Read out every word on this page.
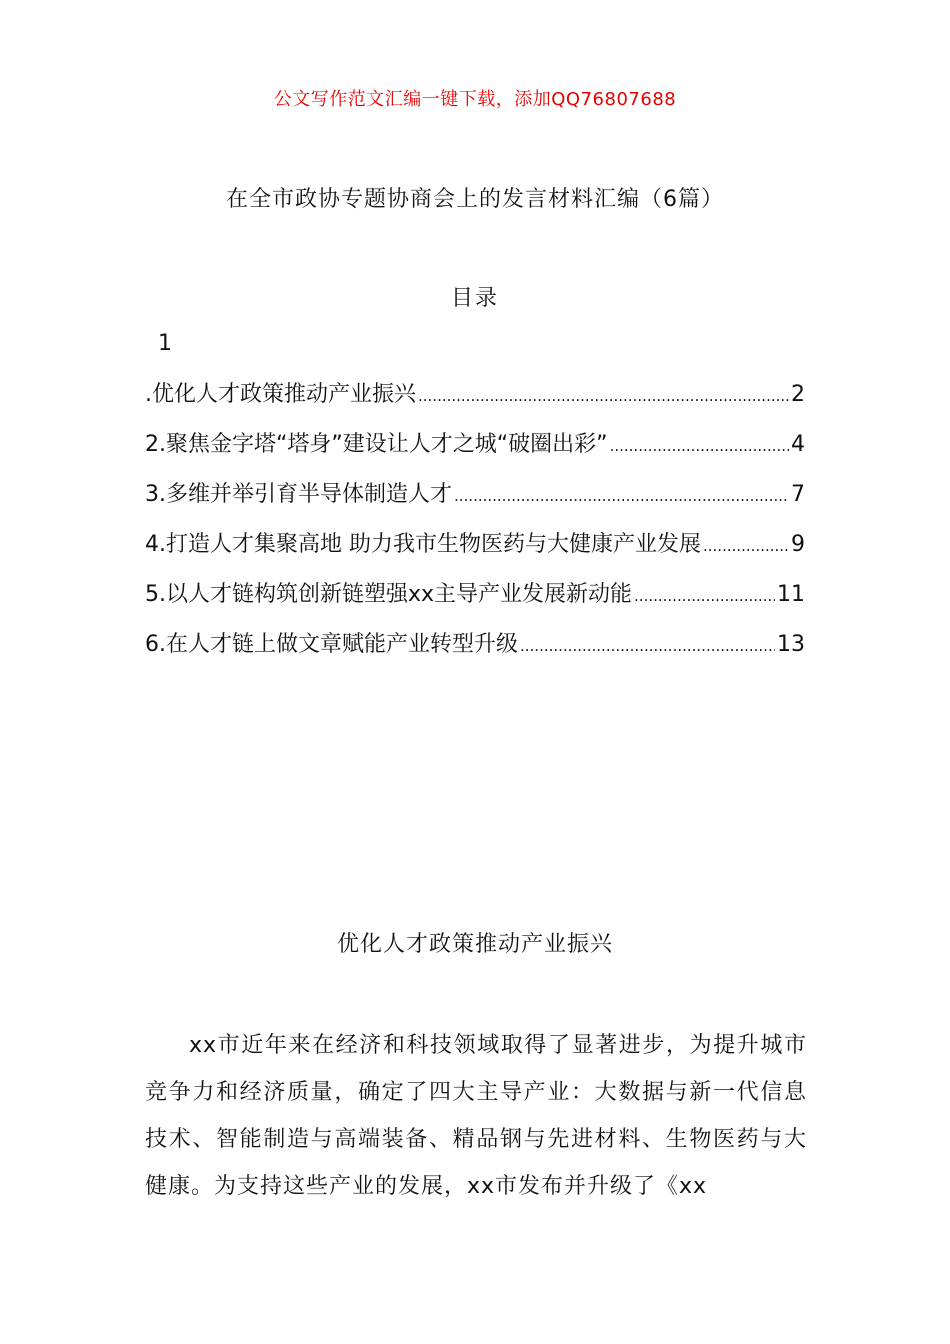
公文写作范文汇编一键下载，添加QQ76807688
在全市政协专题协商会上的发言材料汇编（6篇）
目录
1
.优化人才政策推动产业振兴 .....	2
2.聚焦金字塔“塔身”建设让人才之城“破圈出彩” .....	4
3.多维并举引育半导体制造人才 .....	7
4.打造人才集聚高地 助力我市生物医药与大健康产业发展 .....	9
5.以人才链构筑创新链塑强xx主导产业发展新动能 .....	11
6.在人才链上做文章赋能产业转型升级 .....	13
优化人才政策推动产业振兴

xx市近年来在经济和科技领域取得了显著进步，为提升城市竞争力和经济质量，确定了四大主导产业：大数据与新一代信息技术、智能制造与高端装备、精品钢与先进材料、生物医药与大健康。为支持这些产业的发展，xx市发布并升级了《xx
